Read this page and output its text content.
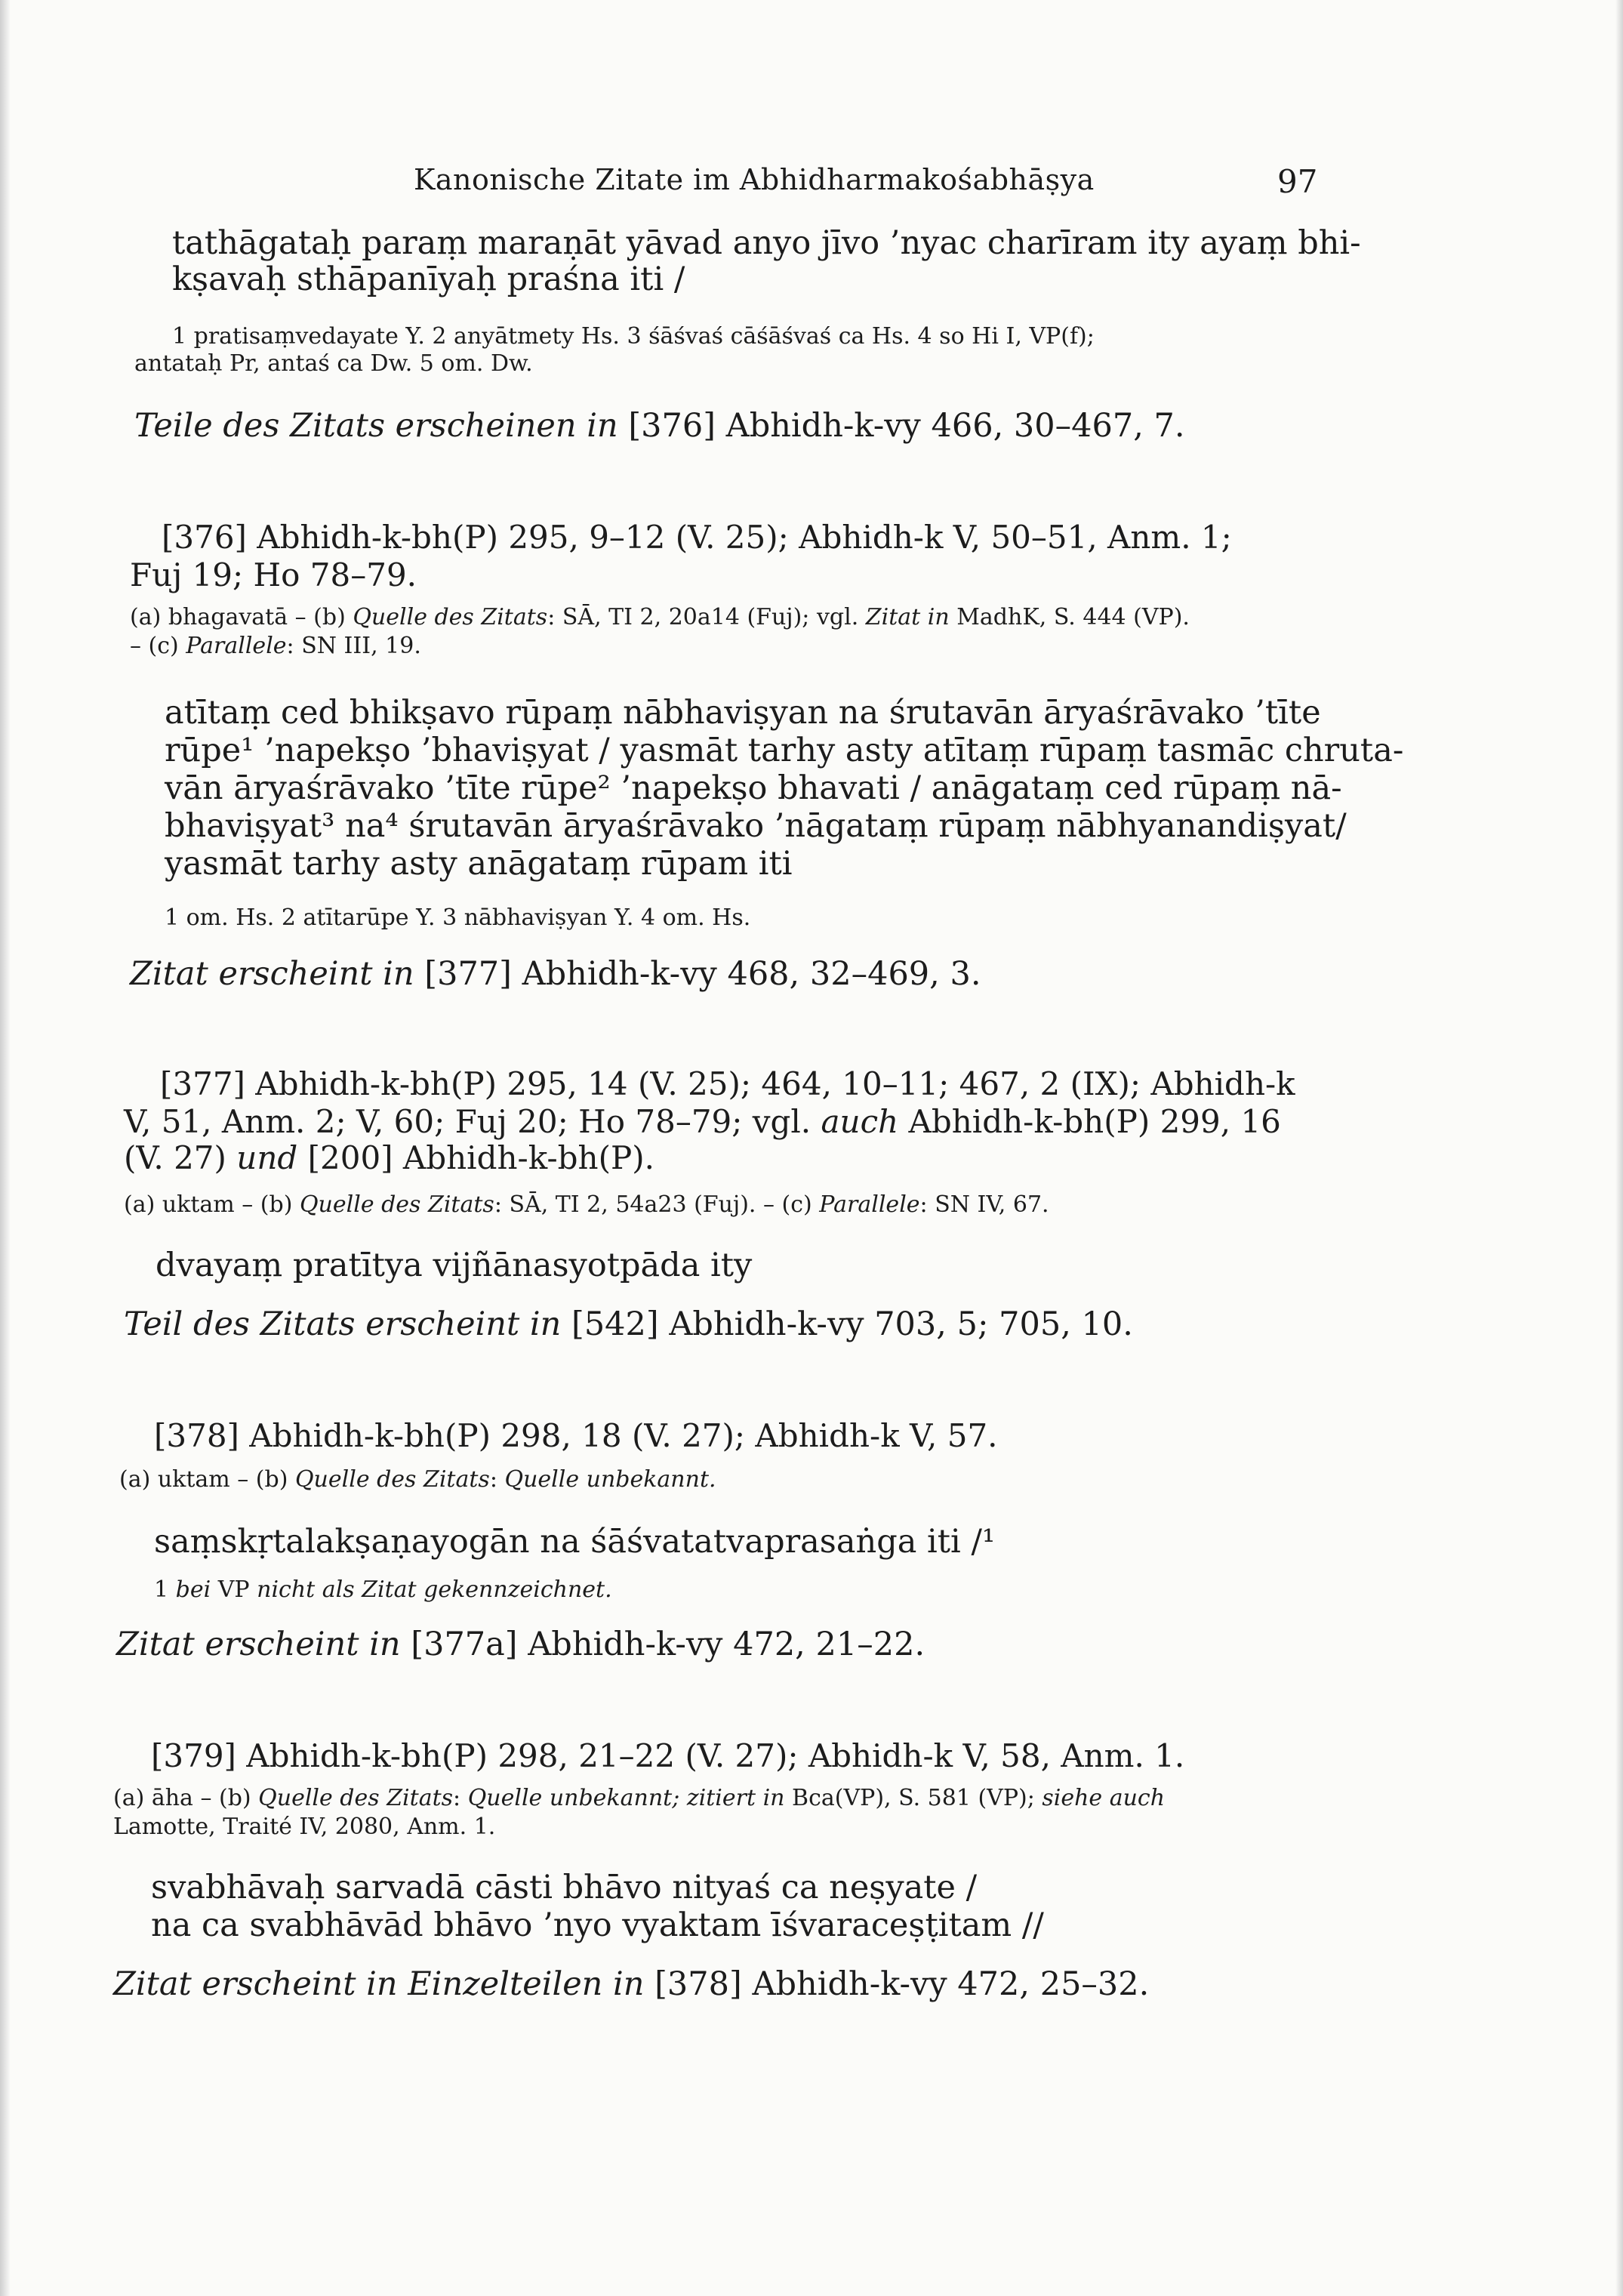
Kanonische Zitate im Abhidharmakośabhāṣya	97
tathāgataḥ paraṃ maraṇāt yāvad anyo jīvo ’nyac charīram ity ayaṃ bhi-
kṣavaḥ sthāpanīyaḥ praśna iti /
1 pratisaṃvedayate Y. 2 anyātmety Hs. 3 śāśvaś cāśāśvaś ca Hs. 4 so Hi I, VP(f);
antataḥ Pr, antaś ca Dw. 5 om. Dw.
Teile des Zitats erscheinen in [376] Abhidh-k-vy 466, 30–467, 7.
[376] Abhidh-k-bh(P) 295, 9–12 (V. 25); Abhidh-k V, 50–51, Anm. 1;
Fuj 19; Ho 78–79.
(a) bhagavatā – (b) Quelle des Zitats: SĀ, TI 2, 20a14 (Fuj); vgl. Zitat in MadhK, S. 444 (VP).
– (c) Parallele: SN III, 19.
atītaṃ ced bhikṣavo rūpaṃ nābhaviṣyan na śrutavān āryaśrāvako ’tīte
rūpe¹ ’napekṣo ’bhaviṣyat / yasmāt tarhy asty atītaṃ rūpaṃ tasmāc chruta-
vān āryaśrāvako ’tīte rūpe² ’napekṣo bhavati / anāgataṃ ced rūpaṃ nā-
bhaviṣyat³ na⁴ śrutavān āryaśrāvako ’nāgataṃ rūpaṃ nābhyanandiṣyat/
yasmāt tarhy asty anāgataṃ rūpam iti
1 om. Hs. 2 atītarūpe Y. 3 nābhaviṣyan Y. 4 om. Hs.
Zitat erscheint in [377] Abhidh-k-vy 468, 32–469, 3.
[377] Abhidh-k-bh(P) 295, 14 (V. 25); 464, 10–11; 467, 2 (IX); Abhidh-k
V, 51, Anm. 2; V, 60; Fuj 20; Ho 78–79; vgl. auch Abhidh-k-bh(P) 299, 16
(V. 27) und [200] Abhidh-k-bh(P).
(a) uktam – (b) Quelle des Zitats: SĀ, TI 2, 54a23 (Fuj). – (c) Parallele: SN IV, 67.
dvayaṃ pratītya vijñānasyotpāda ity
Teil des Zitats erscheint in [542] Abhidh-k-vy 703, 5; 705, 10.
[378] Abhidh-k-bh(P) 298, 18 (V. 27); Abhidh-k V, 57.
(a) uktam – (b) Quelle des Zitats: Quelle unbekannt.
saṃskṛtalakṣaṇayogān na śāśvatatvaprasaṅga iti /¹
1 bei VP nicht als Zitat gekennzeichnet.
Zitat erscheint in [377a] Abhidh-k-vy 472, 21–22.
[379] Abhidh-k-bh(P) 298, 21–22 (V. 27); Abhidh-k V, 58, Anm. 1.
(a) āha – (b) Quelle des Zitats: Quelle unbekannt; zitiert in Bca(VP), S. 581 (VP); siehe auch
Lamotte, Traité IV, 2080, Anm. 1.
svabhāvaḥ sarvadā cāsti bhāvo nityaś ca neṣyate /
na ca svabhāvād bhāvo ’nyo vyaktam īśvaraceṣṭitam //
Zitat erscheint in Einzelteilen in [378] Abhidh-k-vy 472, 25–32.
